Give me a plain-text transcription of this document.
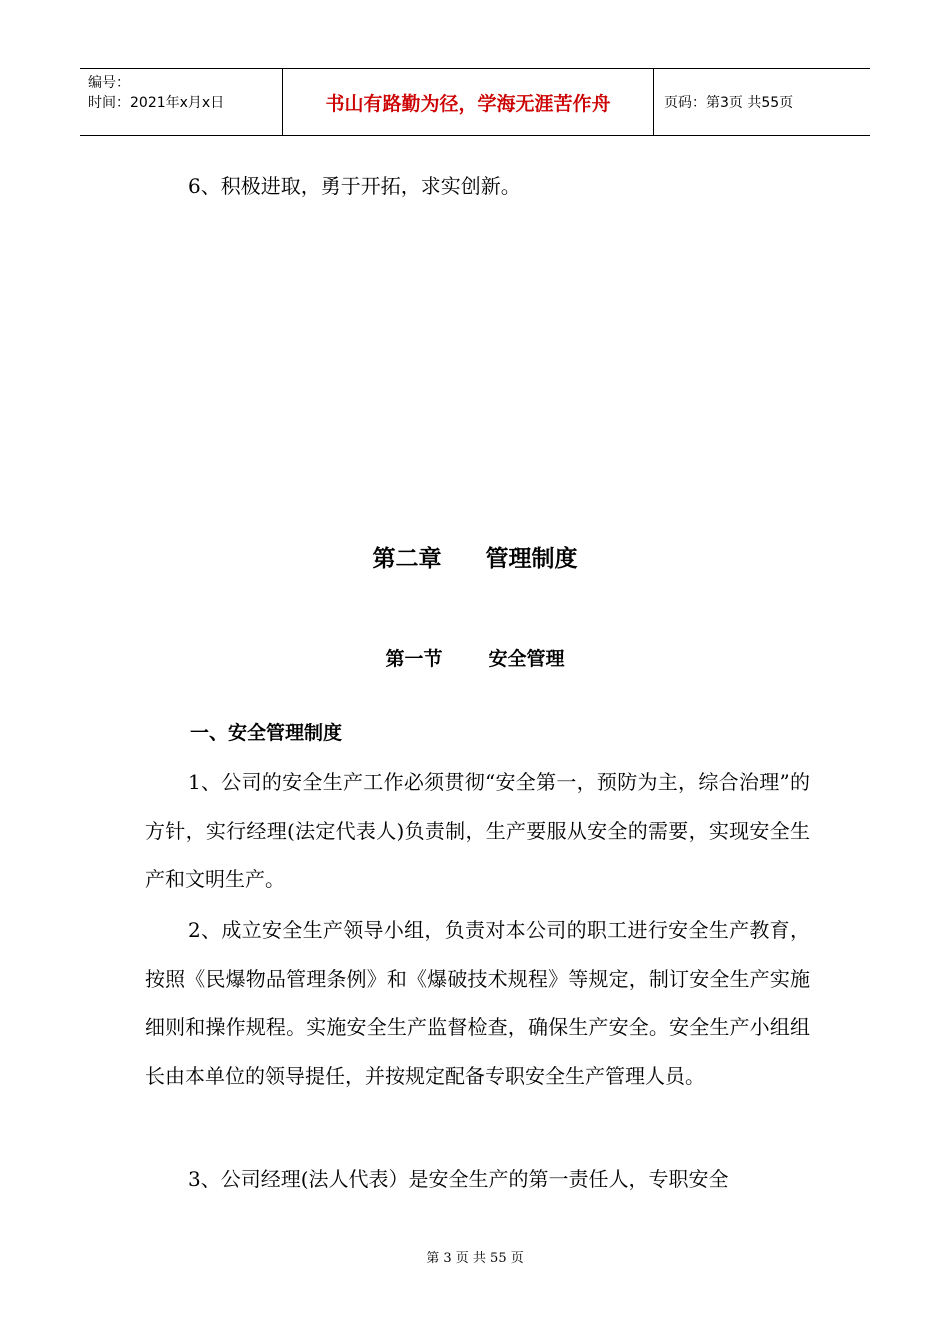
编号：
时间：2021年x月x日	书山有路勤为径，学海无涯苦作舟	页码：第3页 共55页

6、积极进取，勇于开拓，求实创新。

第二章 管理制度
第一节 安全管理
一、安全管理制度

1、公司的安全生产工作必须贯彻“安全第一，预防为主，综合治理”的方针，实行经理(法定代表人)负责制，生产要服从安全的需要，实现安全生产和文明生产。

2、成立安全生产领导小组，负责对本公司的职工进行安全生产教育，按照《民爆物品管理条例》和《爆破技术规程》等规定，制订安全生产实施细则和操作规程。实施安全生产监督检查，确保生产安全。安全生产小组组长由本单位的领导提任，并按规定配备专职安全生产管理人员。

3、公司经理(法人代表）是安全生产的第一责任人，专职安全

第 3 页 共 55 页
